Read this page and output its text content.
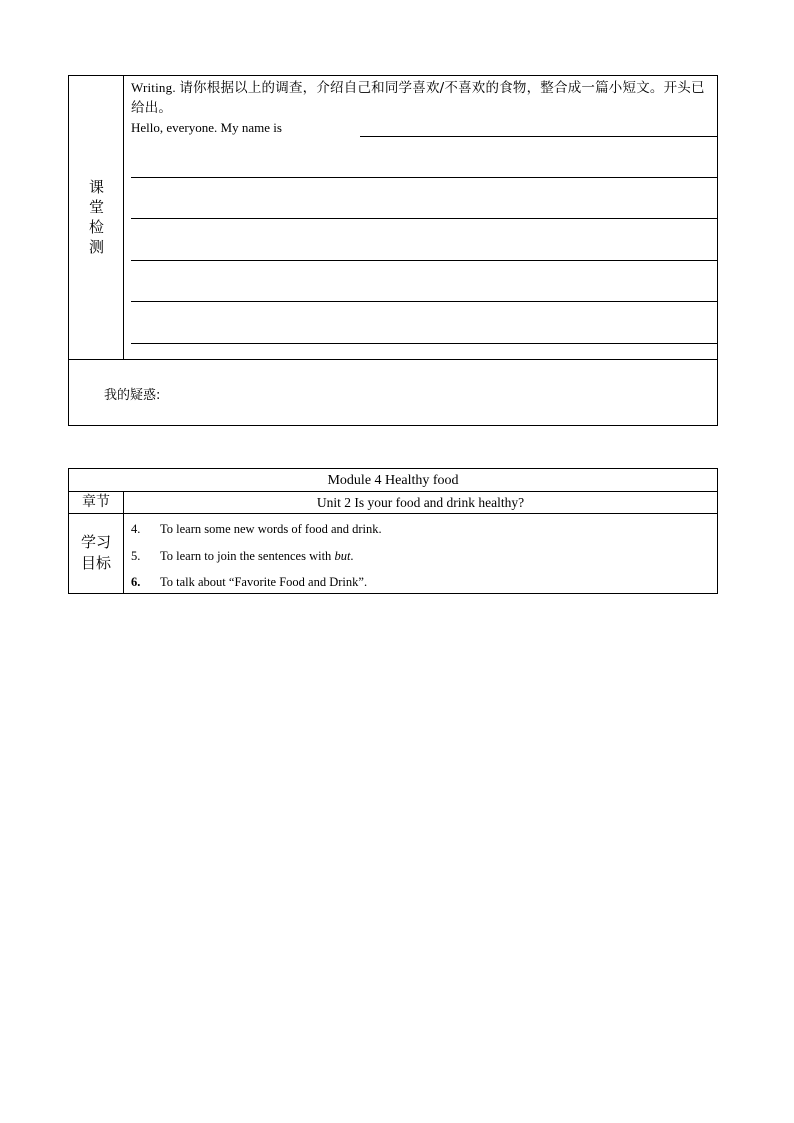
课
堂
检
测
Writing. 请你根据以上的调查，介绍自己和同学喜欢/不喜欢的食物，整合成一篇小短文。开头已给出。
Hello, everyone. My name is
我的疑惑:
Module 4 Healthy food
章节	Unit 2 Is your food and drink healthy?
学习
目标
4. To learn some new words of food and drink.
5. To learn to join the sentences with but.
6. To talk about “Favorite Food and Drink”.
